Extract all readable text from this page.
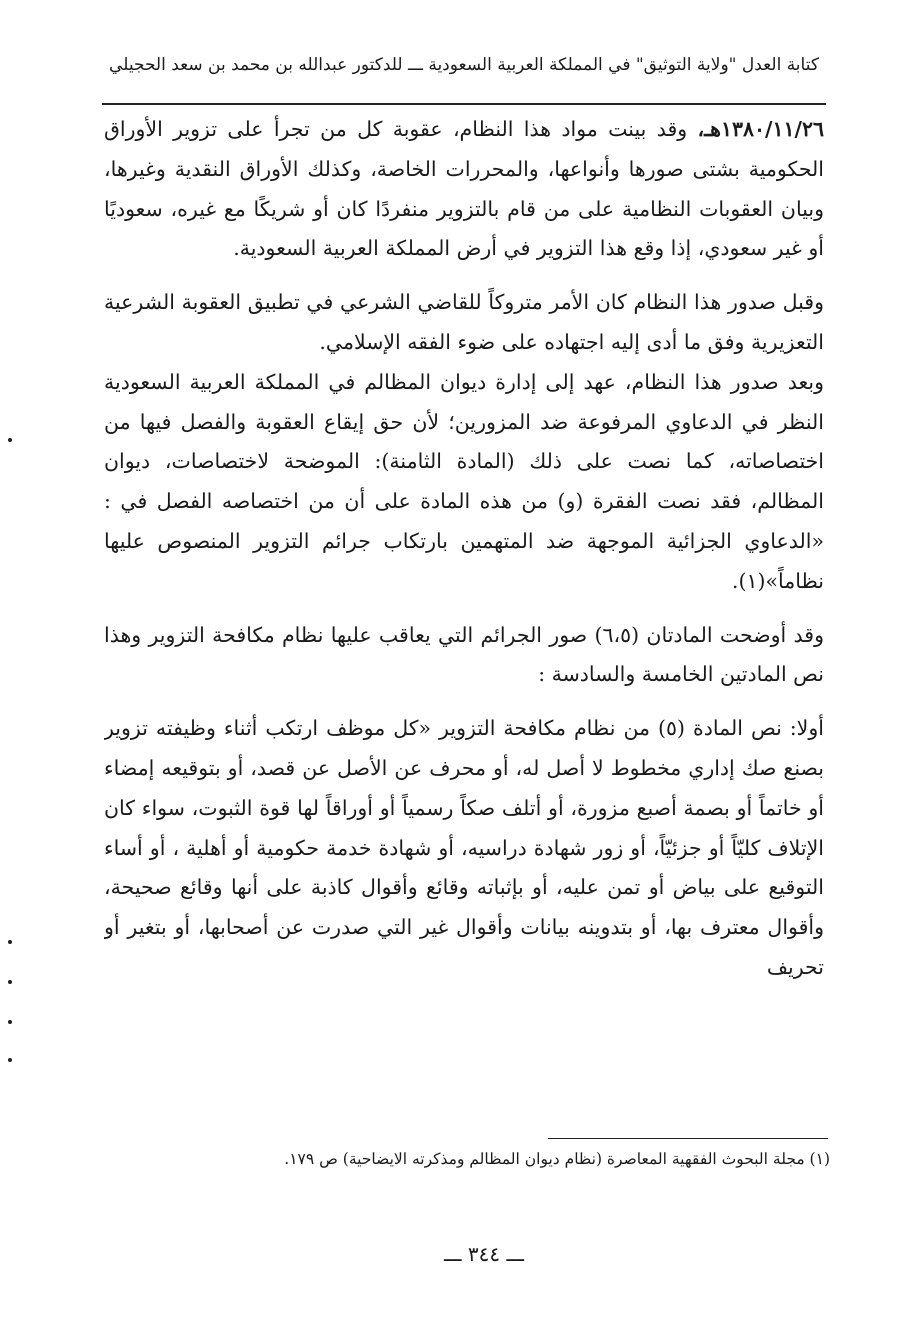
كتابة العدل "ولاية التوثيق" في المملكة العربية السعودية ـــ للدكتور عبدالله بن محمد بن سعد الحجيلي

١٣٨٠/١١/٢٦هـ، وقد بينت مواد هذا النظام، عقوبة كل من تجرأ على تزوير الأوراق الحكومية بشتى صورها وأنواعها، والمحررات الخاصة، وكذلك الأوراق النقدية وغيرها، وبيان العقوبات النظامية على من قام بالتزوير منفردًا كان أو شريكًا مع غيره، سعوديًا أو غير سعودي، إذا وقع هذا التزوير في أرض المملكة العربية السعودية.

وقبل صدور هذا النظام كان الأمر متروكاً للقاضي الشرعي في تطبيق العقوبة الشرعية التعزيرية وفق ما أدى إليه اجتهاده على ضوء الفقه الإسلامي.

وبعد صدور هذا النظام، عهد إلى إدارة ديوان المظالم في المملكة العربية السعودية النظر في الدعاوي المرفوعة ضد المزورين؛ لأن حق إيقاع العقوبة والفصل فيها من اختصاصاته، كما نصت على ذلك (المادة الثامنة): الموضحة لاختصاصات، ديوان المظالم، فقد نصت الفقرة (و) من هذه المادة على أن من اختصاصه الفصل في : «الدعاوي الجزائية الموجهة ضد المتهمين بارتكاب جرائم التزوير المنصوص عليها نظاماً»(١).

وقد أوضحت المادتان (٦،٥) صور الجرائم التي يعاقب عليها نظام مكافحة التزوير وهذا نص المادتين الخامسة والسادسة :

أولا: نص المادة (٥) من نظام مكافحة التزوير «كل موظف ارتكب أثناء وظيفته تزوير بصنع صك إداري مخطوط لا أصل له، أو محرف عن الأصل عن قصد، أو بتوقيعه إمضاء أو خاتماً أو بصمة أصبع مزورة، أو أتلف صكاً رسمياً أو أوراقاً لها قوة الثبوت، سواء كان الإتلاف كليّاً أو جزئيّاً، أو زور شهادة دراسيه، أو شهادة خدمة حكومية أو أهلية ، أو أساء التوقيع على بياض أو تمن عليه، أو بإثباته وقائع وأقوال كاذبة على أنها وقائع صحيحة، وأقوال معترف بها، أو بتدوينه بيانات وأقوال غير التي صدرت عن أصحابها، أو بتغير أو تحريف

(١) مجلة البحوث الفقهية المعاصرة (نظام ديوان المظالم ومذكرته الايضاحية) ص ١٧٩.
ـــ ٣٤٤ ـــ
